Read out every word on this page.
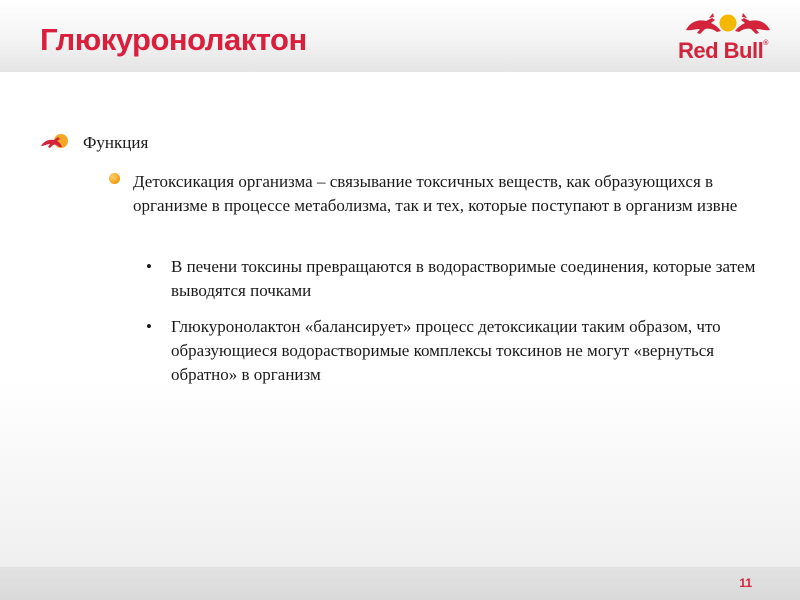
Глюкуронолактон	Red Bull®
Функция
Детоксикация организма – связывание токсичных веществ, как образующихся в организме в процессе метаболизма, так и тех, которые поступают в организм извне
• В печени токсины превращаются в водорастворимые соединения, которые затем выводятся почками
• Глюкуронолактон «балансирует» процесс детоксикации таким образом, что образующиеся водорастворимые комплексы токсинов не могут «вернуться обратно» в организм
11
